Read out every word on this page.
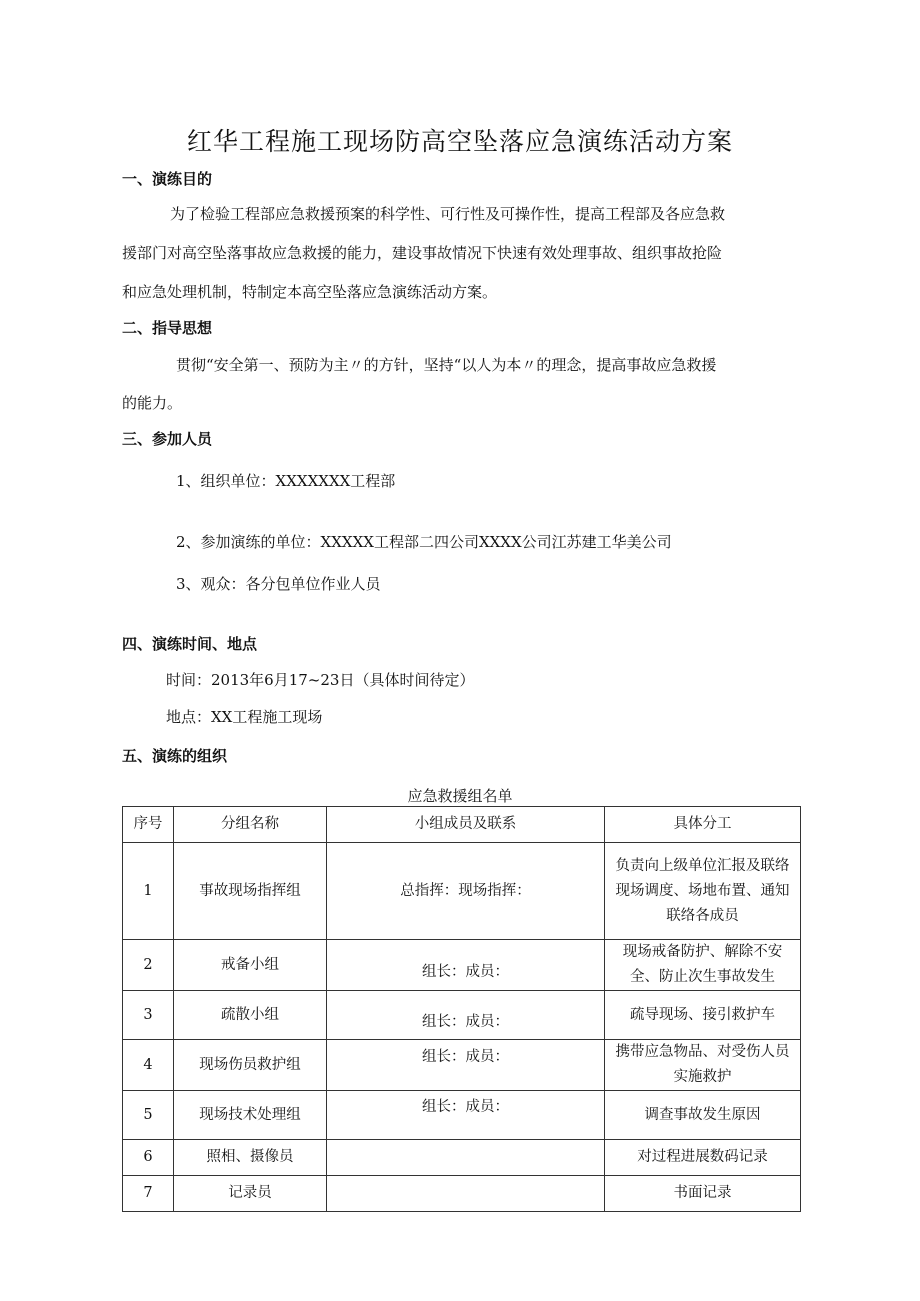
红华工程施工现场防高空坠落应急演练活动方案
一、演练目的
为了检验工程部应急救援预案的科学性、可行性及可操作性，提高工程部及各应急救
援部门对高空坠落事故应急救援的能力，建设事故情况下快速有效处理事故、组织事故抢险
和应急处理机制，特制定本高空坠落应急演练活动方案。
二、指导思想
贯彻“安全第一、预防为主〃的方针，坚持“以人为本〃的理念，提高事故应急救援
的能力。
三、参加人员
1、组织单位：XXXXXXX工程部
2、参加演练的单位：XXXXX工程部二四公司XXXX公司江苏建工华美公司
3、观众：各分包单位作业人员
四、演练时间、地点
时间：2013年6月17~23日（具体时间待定）
地点：XX工程施工现场
五、演练的组织
应急救援组名单
序号	分组名称	小组成员及联系	具体分工
1	事故现场指挥组	总指挥：现场指挥：	负责向上级单位汇报及联络
现场调度、场地布置、通知
联络各成员

2	戒备小组	组长：成员：	现场戒备防护、解除不安
全、防止次生事故发生

3	疏散小组	组长：成员：	疏导现场、接引救护车

4	现场伤员救护组	组长：成员：	携带应急物品、对受伤人员
实施救护

5	现场技术处理组	组长：成员：	调查事故发生原因

6	照相、摄像员		对过程进展数码记录

7	记录员		书面记录
